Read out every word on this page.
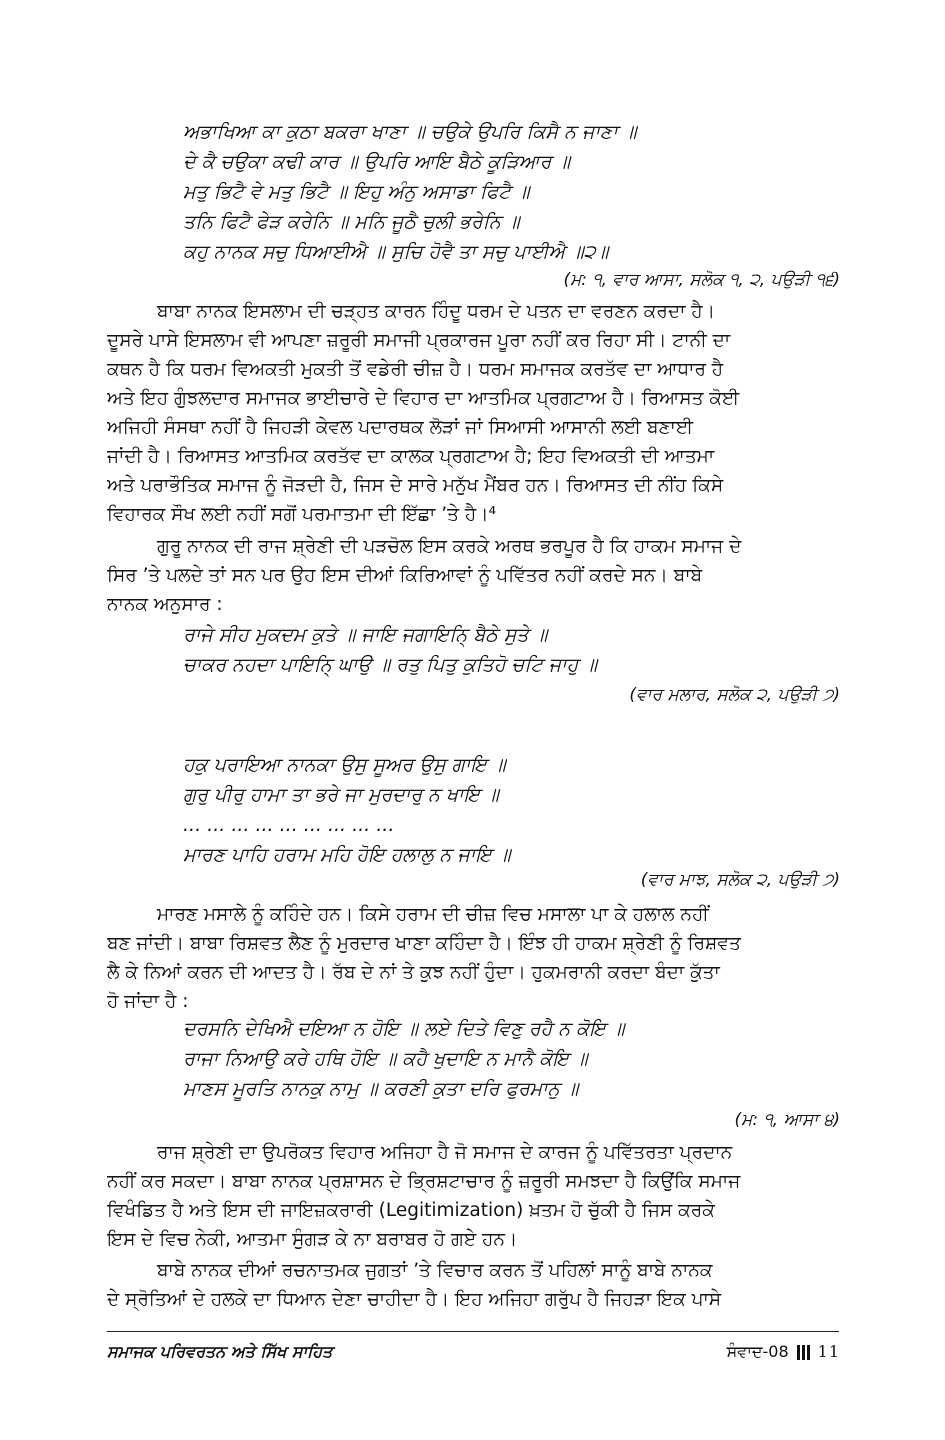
ਅਭਾਖਿਆ ਕਾ ਕੁਠਾ ਬਕਰਾ ਖਾਣਾ ॥ ਚਉਕੇ ਉਪਰਿ ਕਿਸੈ ਨ ਜਾਣਾ ॥
ਦੇ ਕੈ ਚਉਕਾ ਕਢੀ ਕਾਰ ॥ ਉਪਰਿ ਆਇ ਬੈਠੇ ਕੂੜਿਆਰ ॥
ਮਤੁ ਭਿਟੈ ਵੇ ਮਤੁ ਭਿਟੈ ॥ ਇਹੁ ਅੰਨੁ ਅਸਾਡਾ ਫਿਟੈ ॥
ਤਨਿ ਫਿਟੈ ਫੇੜ ਕਰੇਨਿ ॥ ਮਨਿ ਜੂਠੈ ਚੁਲੀ ਭਰੇਨਿ ॥
ਕਹੁ ਨਾਨਕ ਸਚੁ ਧਿਆਈਐ ॥ ਸੁਚਿ ਹੋਵੈ ਤਾ ਸਚੁ ਪਾਈਐ ॥੨॥
(ਮ: ੧, ਵਾਰ ਆਸਾ, ਸਲੋਕ ੧, ੨, ਪਉੜੀ ੧੬)
ਬਾਬਾ ਨਾਨਕ ਇਸਲਾਮ ਦੀ ਚੜ੍ਹਤ ਕਾਰਨ ਹਿੰਦੂ ਧਰਮ ਦੇ ਪਤਨ ਦਾ ਵਰਣਨ ਕਰਦਾ ਹੈ।
ਦੂਸਰੇ ਪਾਸੇ ਇਸਲਾਮ ਵੀ ਆਪਣਾ ਜ਼ਰੂਰੀ ਸਮਾਜੀ ਪ੍ਰਕਾਰਜ ਪੂਰਾ ਨਹੀਂ ਕਰ ਰਿਹਾ ਸੀ। ਟਾਨੀ ਦਾ
ਕਥਨ ਹੈ ਕਿ ਧਰਮ ਵਿਅਕਤੀ ਮੁਕਤੀ ਤੋਂ ਵਡੇਰੀ ਚੀਜ਼ ਹੈ। ਧਰਮ ਸਮਾਜਕ ਕਰਤੱਵ ਦਾ ਆਧਾਰ ਹੈ
ਅਤੇ ਇਹ ਗੁੰਝਲਦਾਰ ਸਮਾਜਕ ਭਾਈਚਾਰੇ ਦੇ ਵਿਹਾਰ ਦਾ ਆਤਮਿਕ ਪ੍ਰਗਟਾਅ ਹੈ। ਰਿਆਸਤ ਕੋਈ
ਅਜਿਹੀ ਸੰਸਥਾ ਨਹੀਂ ਹੈ ਜਿਹੜੀ ਕੇਵਲ ਪਦਾਰਥਕ ਲੋੜਾਂ ਜਾਂ ਸਿਆਸੀ ਆਸਾਨੀ ਲਈ ਬਣਾਈ
ਜਾਂਦੀ ਹੈ। ਰਿਆਸਤ ਆਤਮਿਕ ਕਰਤੱਵ ਦਾ ਕਾਲਕ ਪ੍ਰਗਟਾਅ ਹੈ; ਇਹ ਵਿਅਕਤੀ ਦੀ ਆਤਮਾ
ਅਤੇ ਪਰਾਭੌਤਿਕ ਸਮਾਜ ਨੂੰ ਜੋੜਦੀ ਹੈ, ਜਿਸ ਦੇ ਸਾਰੇ ਮਨੁੱਖ ਮੈਂਬਰ ਹਨ। ਰਿਆਸਤ ਦੀ ਨੀਂਹ ਕਿਸੇ
ਵਿਹਾਰਕ ਸੌਖ ਲਈ ਨਹੀਂ ਸਗੋਂ ਪਰਮਾਤਮਾ ਦੀ ਇੱਛਾ ’ਤੇ ਹੈ।⁴
ਗੁਰੂ ਨਾਨਕ ਦੀ ਰਾਜ ਸ਼੍ਰੇਣੀ ਦੀ ਪੜਚੋਲ ਇਸ ਕਰਕੇ ਅਰਥ ਭਰਪੂਰ ਹੈ ਕਿ ਹਾਕਮ ਸਮਾਜ ਦੇ
ਸਿਰ ’ਤੇ ਪਲਦੇ ਤਾਂ ਸਨ ਪਰ ਉਹ ਇਸ ਦੀਆਂ ਕਿਰਿਆਵਾਂ ਨੂੰ ਪਵਿੱਤਰ ਨਹੀਂ ਕਰਦੇ ਸਨ। ਬਾਬੇ
ਨਾਨਕ ਅਨੁਸਾਰ :
ਰਾਜੇ ਸੀਹ ਮੁਕਦਮ ਕੁਤੇ ॥ ਜਾਇ ਜਗਾਇਨਿ੍ ਬੈਠੇ ਸੁਤੇ ॥
ਚਾਕਰ ਨਹਦਾ ਪਾਇਨਿ੍ ਘਾਉ ॥ ਰਤੁ ਪਿਤੁ ਕੁਤਿਹੋ ਚਟਿ ਜਾਹੁ ॥
(ਵਾਰ ਮਲਾਰ, ਸਲੋਕ ੨, ਪਉੜੀ ੭)
ਹਕੁ ਪਰਾਇਆ ਨਾਨਕਾ ਉਸੁ ਸੂਅਰ ਉਸੁ ਗਾਇ ॥
ਗੁਰੁ ਪੀਰੁ ਹਾਮਾ ਤਾ ਭਰੇ ਜਾ ਮੁਰਦਾਰੁ ਨ ਖਾਇ ॥
... ... ... ... ... ... ... ... ...
ਮਾਰਣ ਪਾਹਿ ਹਰਾਮ ਮਹਿ ਹੋਇ ਹਲਾਲੁ ਨ ਜਾਇ ॥
(ਵਾਰ ਮਾਝ, ਸਲੋਕ ੨, ਪਉੜੀ ੭)
ਮਾਰਣ ਮਸਾਲੇ ਨੂੰ ਕਹਿੰਦੇ ਹਨ। ਕਿਸੇ ਹਰਾਮ ਦੀ ਚੀਜ਼ ਵਿਚ ਮਸਾਲਾ ਪਾ ਕੇ ਹਲਾਲ ਨਹੀਂ
ਬਣ ਜਾਂਦੀ। ਬਾਬਾ ਰਿਸ਼ਵਤ ਲੈਣ ਨੂੰ ਮੁਰਦਾਰ ਖਾਣਾ ਕਹਿੰਦਾ ਹੈ। ਇੰਝ ਹੀ ਹਾਕਮ ਸ਼੍ਰੇਣੀ ਨੂੰ ਰਿਸ਼ਵਤ
ਲੈ ਕੇ ਨਿਆਂ ਕਰਨ ਦੀ ਆਦਤ ਹੈ। ਰੱਬ ਦੇ ਨਾਂ ਤੇ ਕੁਝ ਨਹੀਂ ਹੁੰਦਾ। ਹੁਕਮਰਾਨੀ ਕਰਦਾ ਬੰਦਾ ਕੁੱਤਾ
ਹੋ ਜਾਂਦਾ ਹੈ :
ਦਰਸਨਿ ਦੇਖਿਐ ਦਇਆ ਨ ਹੋਇ ॥ ਲਏ ਦਿਤੇ ਵਿਣੁ ਰਹੈ ਨ ਕੋਇ ॥
ਰਾਜਾ ਨਿਆਉ ਕਰੇ ਹਥਿ ਹੋਇ ॥ ਕਹੈ ਖੁਦਾਇ ਨ ਮਾਨੈ ਕੋਇ ॥
ਮਾਣਸ ਮੂਰਤਿ ਨਾਨਕੁ ਨਾਮੁ ॥ ਕਰਣੀ ਕੁਤਾ ਦਰਿ ਫੁਰਮਾਨੁ ॥
(ਮ: ੧, ਆਸਾ ੪)
ਰਾਜ ਸ਼੍ਰੇਣੀ ਦਾ ਉਪਰੋਕਤ ਵਿਹਾਰ ਅਜਿਹਾ ਹੈ ਜੋ ਸਮਾਜ ਦੇ ਕਾਰਜ ਨੂੰ ਪਵਿੱਤਰਤਾ ਪ੍ਰਦਾਨ
ਨਹੀਂ ਕਰ ਸਕਦਾ। ਬਾਬਾ ਨਾਨਕ ਪ੍ਰਸ਼ਾਸਨ ਦੇ ਭ੍ਰਿਸ਼ਟਾਚਾਰ ਨੂੰ ਜ਼ਰੂਰੀ ਸਮਝਦਾ ਹੈ ਕਿਉਂਕਿ ਸਮਾਜ
ਵਿਖੰਡਿਤ ਹੈ ਅਤੇ ਇਸ ਦੀ ਜਾਇਜ਼ਕਰਾਰੀ (Legitimization) ਖ਼ਤਮ ਹੋ ਚੁੱਕੀ ਹੈ ਜਿਸ ਕਰਕੇ
ਇਸ ਦੇ ਵਿਚ ਨੇਕੀ, ਆਤਮਾ ਸੁੰਗੜ ਕੇ ਨਾ ਬਰਾਬਰ ਹੋ ਗਏ ਹਨ।
ਬਾਬੇ ਨਾਨਕ ਦੀਆਂ ਰਚਨਾਤਮਕ ਜੁਗਤਾਂ ’ਤੇ ਵਿਚਾਰ ਕਰਨ ਤੋਂ ਪਹਿਲਾਂ ਸਾਨੂੰ ਬਾਬੇ ਨਾਨਕ
ਦੇ ਸ੍ਰੋਤਿਆਂ ਦੇ ਹਲਕੇ ਦਾ ਧਿਆਨ ਦੇਣਾ ਚਾਹੀਦਾ ਹੈ। ਇਹ ਅਜਿਹਾ ਗਰੁੱਪ ਹੈ ਜਿਹੜਾ ਇਕ ਪਾਸੇ
ਸਮਾਜਕ ਪਰਿਵਰਤਨ ਅਤੇ ਸਿੱਖ ਸਾਹਿਤ	ਸੰਵਾਦ-08 11
